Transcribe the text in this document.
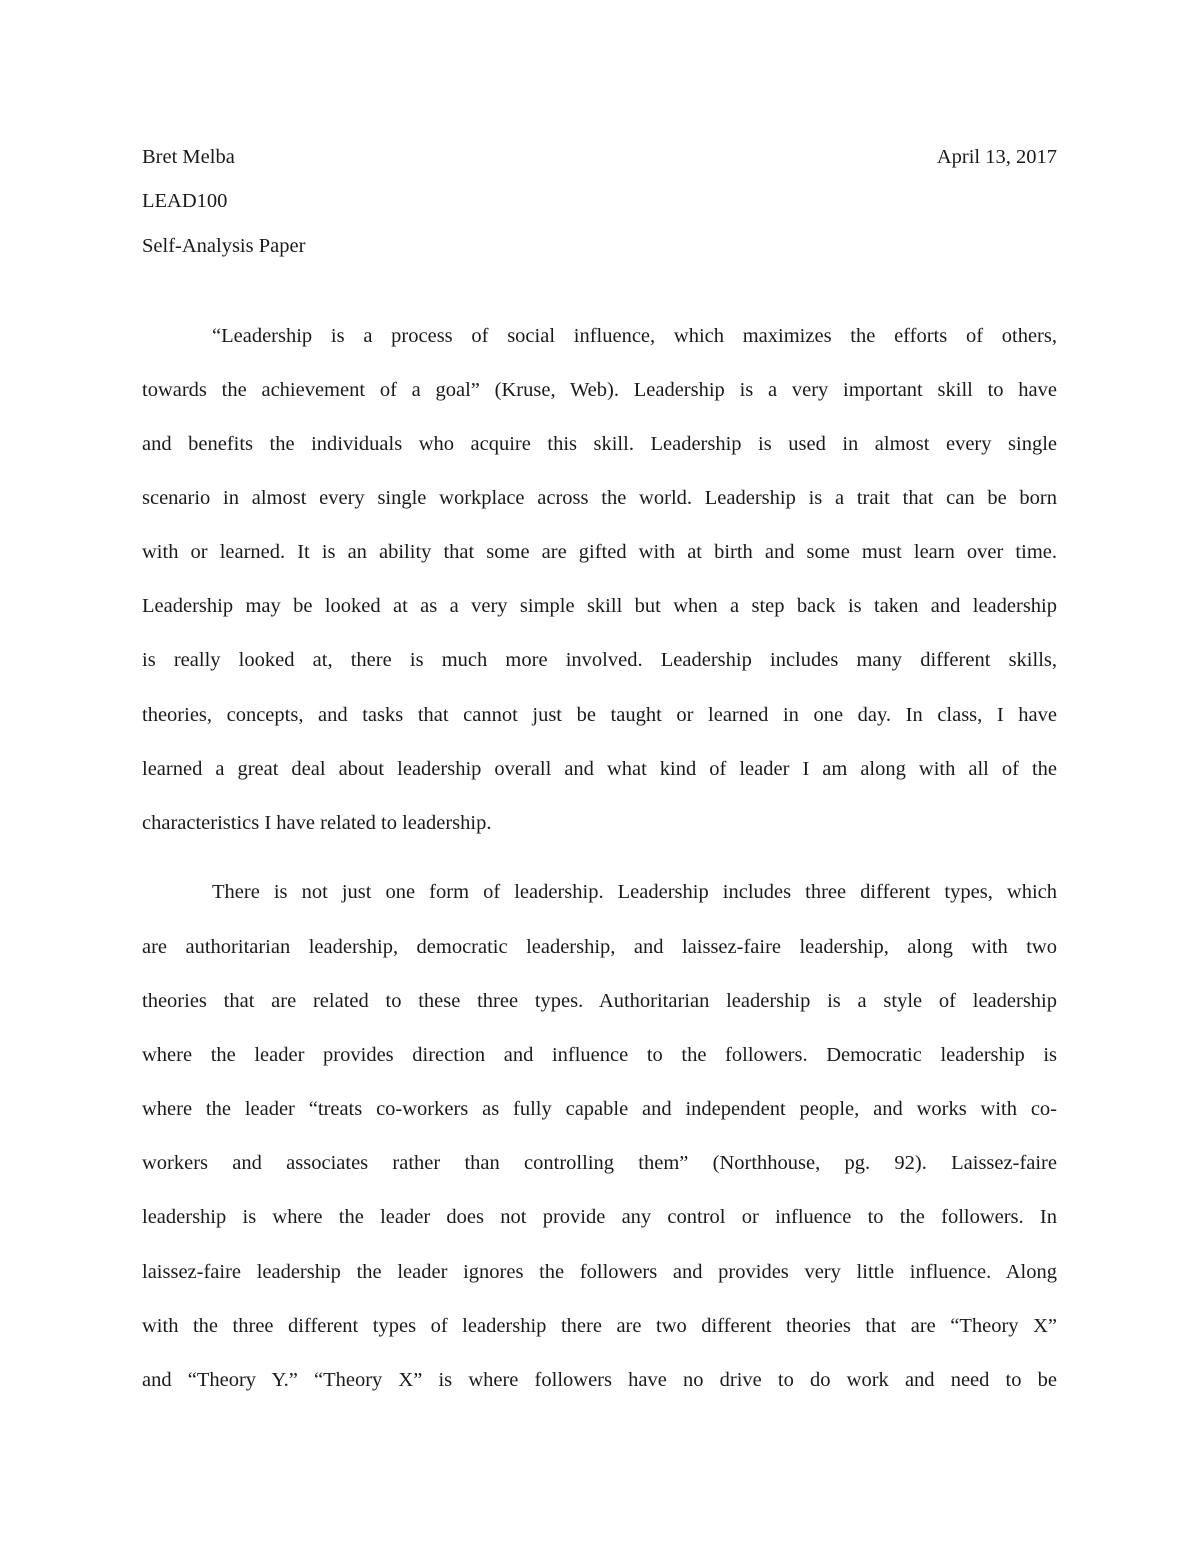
Bret Melba	April 13, 2017
LEAD100
Self-Analysis Paper
“Leadership is a process of social influence, which maximizes the efforts of others,
towards the achievement of a goal” (Kruse, Web). Leadership is a very important skill to have
and benefits the individuals who acquire this skill. Leadership is used in almost every single
scenario in almost every single workplace across the world. Leadership is a trait that can be born
with or learned. It is an ability that some are gifted with at birth and some must learn over time.
Leadership may be looked at as a very simple skill but when a step back is taken and leadership
is really looked at, there is much more involved. Leadership includes many different skills,
theories, concepts, and tasks that cannot just be taught or learned in one day. In class, I have
learned a great deal about leadership overall and what kind of leader I am along with all of the
characteristics I have related to leadership.
There is not just one form of leadership. Leadership includes three different types, which
are authoritarian leadership, democratic leadership, and laissez-faire leadership, along with two
theories that are related to these three types. Authoritarian leadership is a style of leadership
where the leader provides direction and influence to the followers. Democratic leadership is
where the leader “treats co-workers as fully capable and independent people, and works with co-
workers and associates rather than controlling them” (Northhouse, pg. 92). Laissez-faire
leadership is where the leader does not provide any control or influence to the followers. In
laissez-faire leadership the leader ignores the followers and provides very little influence. Along
with the three different types of leadership there are two different theories that are “Theory X”
and “Theory Y.” “Theory X” is where followers have no drive to do work and need to be
